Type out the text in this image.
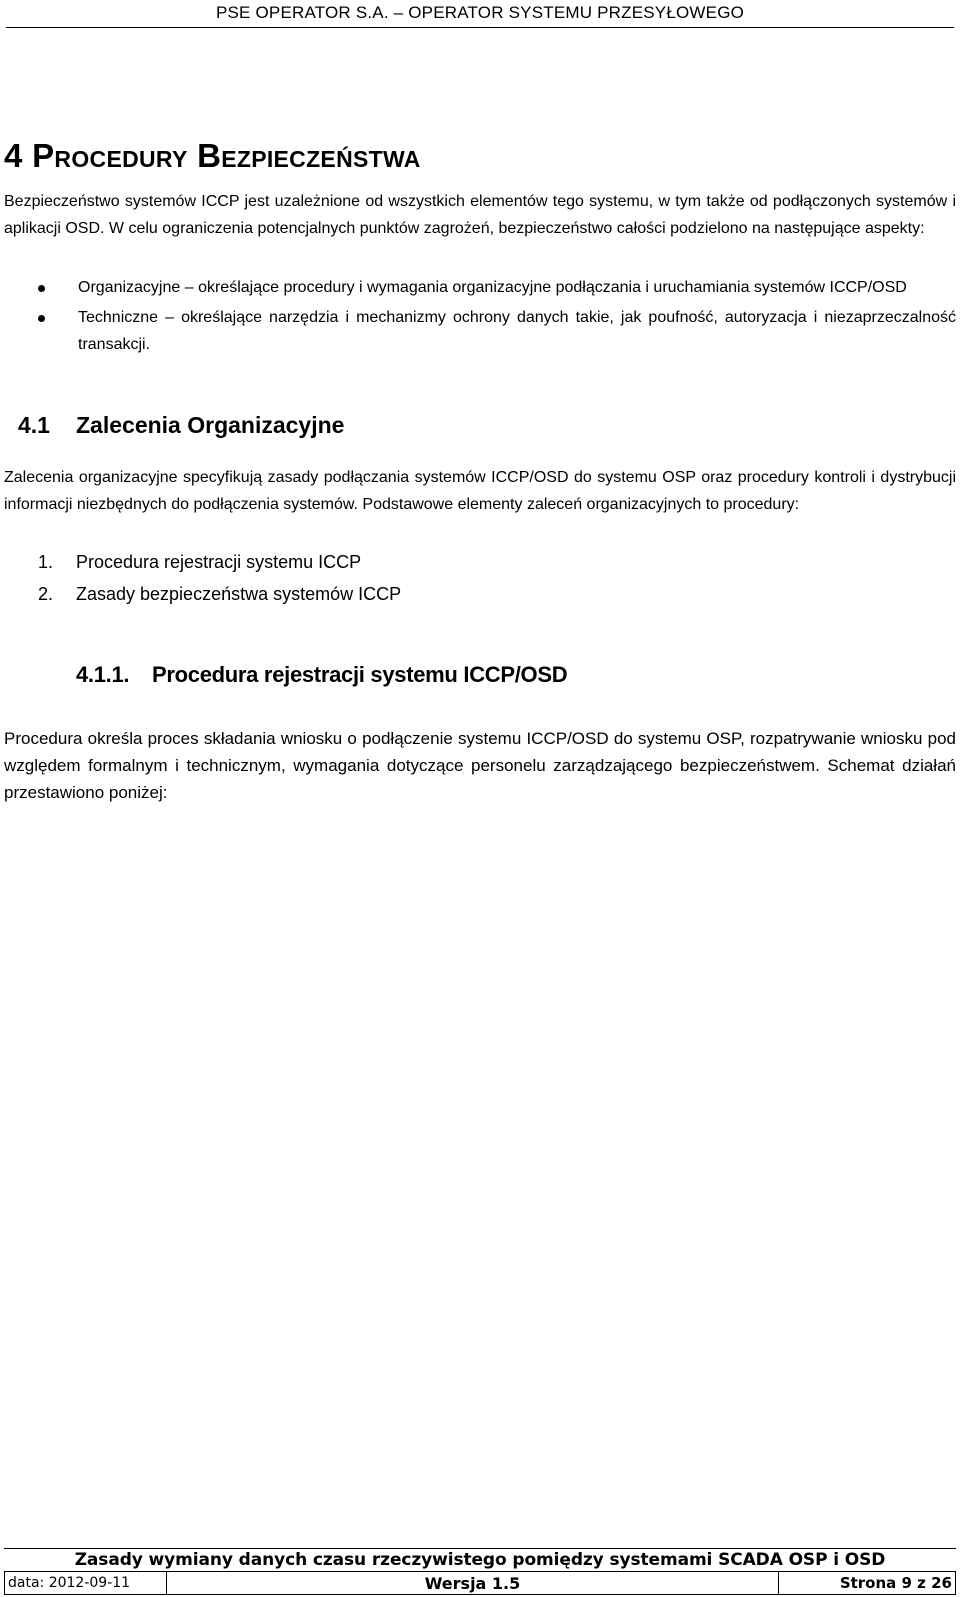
PSE OPERATOR S.A. – OPERATOR SYSTEMU PRZESYŁOWEGO
4 Procedury Bezpieczeństwa
Bezpieczeństwo systemów ICCP jest uzależnione od wszystkich elementów tego systemu, w tym także od podłączonych systemów i aplikacji OSD. W celu ograniczenia potencjalnych punktów zagrożeń, bezpieczeństwo całości podzielono na następujące aspekty:
Organizacyjne – określające procedury i wymagania organizacyjne podłączania i uruchamiania systemów ICCP/OSD
Techniczne – określające narzędzia i mechanizmy ochrony danych takie, jak poufność, autoryzacja i niezaprzeczalność transakcji.
4.1 Zalecenia Organizacyjne
Zalecenia organizacyjne specyfikują zasady podłączania systemów ICCP/OSD do systemu OSP oraz procedury kontroli i dystrybucji informacji niezbędnych do podłączenia systemów. Podstawowe elementy zaleceń organizacyjnych to procedury:
1. Procedura rejestracji systemu ICCP
2. Zasady bezpieczeństwa systemów ICCP
4.1.1. Procedura rejestracji systemu ICCP/OSD
Procedura określa proces składania wniosku o podłączenie systemu ICCP/OSD do systemu OSP, rozpatrywanie wniosku pod względem formalnym i technicznym, wymagania dotyczące personelu zarządzającego bezpieczeństwem. Schemat działań przestawiono poniżej:
Zasady wymiany danych czasu rzeczywistego pomiędzy systemami SCADA OSP i OSD
data: 2012-09-11	Wersja 1.5	Strona 9 z 26
